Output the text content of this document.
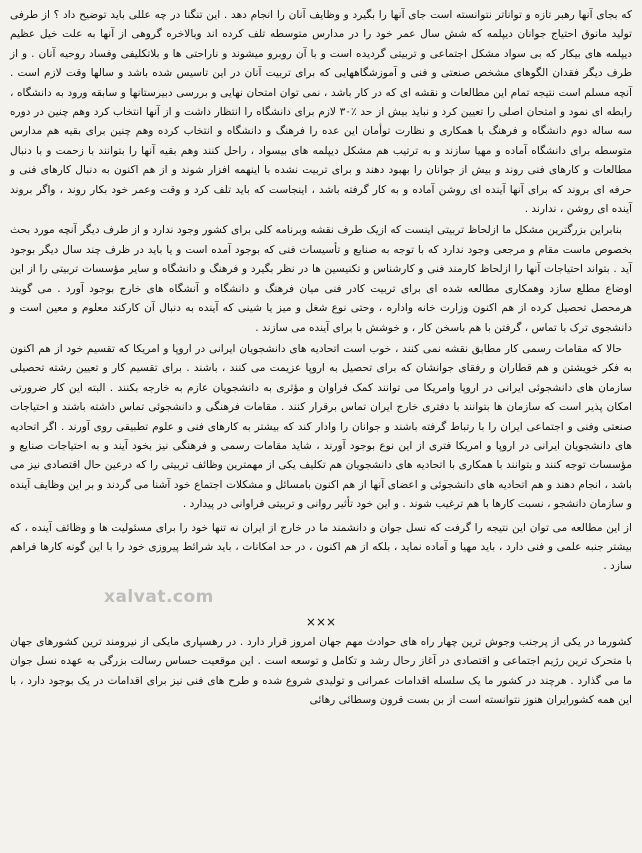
که بجای آنها رهبر تازه و تواناتر نتوانسته است جای آنها را بگیرد و وظایف آنان را انجام دهد . این تنگنا در چه عللی باید توضیح داد ؟ از طرفی تولید مانوق احتیاج جوانان دیپلمه که شش سال عمر خود را در مدارس متوسطه تلف کرده اند وبالاخره گروهی از آنها به علت خیل عظیم دیپلمه های بیکار که بی سواد مشکل اجتماعی و تربیتی گردیده است و با آن روبرو میشوند و ناراحتی ها و بلاتکلیفی وفساد روحیه آنان . و از طرف دیگر فقدان الگوهای مشخص صنعتی و فنی و آموزشگاههایی که برای تربیت آنان در این تاسیس شده باشد و سالها وقت لازم است . آنچه مسلم است نتیجه تمام این مطالعات و نقشه ای که در کار باشد ، نمی توان امتحان نهایی و بررسی دبیرستانها و سابقه ورود به دانشگاه ، رابطه ای نمود و امتحان اصلی را تعیین کرد و نباید بیش از حد ٪۳۰ لازم برای دانشگاه را انتظار داشت و از آنها انتخاب کرد وهم چنین در دوره سه ساله دوم دانشگاه و فرهنگ با همکاری و نظارت توأمان این عده را فرهنگ و دانشگاه و انتخاب کرده وهم چنین برای بقیه هم مدارس متوسطه برای دانشگاه آماده و مهیا سازند و به ترتیب هم مشکل دیپلمه های بیسواد ، راحل کنند وهم بقیه آنها را بتوانند با زحمت و با دنبال مطالعات و کارهای فنی روند و بیش از جوانان را بهبود دهند و برای تربیت نشده با اینهمه افزار شوند و از هم اکنون به دنبال کارهای فنی و حرفه ای بروند که برای آنها آینده ای روشن آماده و به کار گرفته باشد ، اینجاست که باید تلف کرد و وقت وعمر خود بکار روند ، واگر بروند آینده ای روشن ، ندارند .

بنابراین بزرگترین مشکل ما ازلحاظ تربیتی اینست که ازیک طرف نقشه وبرنامه کلی برای کشور وجود ندارد و از طرف دیگر آنچه مورد بحث بخصوص ماست مقام و مرجعی وجود ندارد که با توجه به صنایع و تأسیسات فنی که بوجود آمده است و یا باید در ظرف چند سال دیگر بوجود آید . بتواند احتیاجات آنها را ازلحاظ کارمند فنی و کارشناس و تکنیسین ها در نظر بگیرد و فرهنگ و دانشگاه و سایر مؤسسات تربیتی را از این اوضاع مطلع سازد وهمکاری مطالعه شده ای برای تربیت کادر فنی میان فرهنگ و دانشگاه و آنشگاه های خارج بوجود آورد . می گویند هرمحصل تحصیل کرده از هم اکنون وزارت خانه واداره ، وحتی نوع شغل و میز یا شینی که آینده به دنبال آن کارکند معلوم و معین است و دانشجوی ترک با تماس ، گرفتن با هم باسخن کار ، و خوشش با برای آینده می سازند .

حالا که مقامات رسمی کار مطابق نقشه نمی کنند ، خوب است اتحادیه های دانشجویان ایرانی در اروپا و امریکا که تقسیم خود از هم اکنون به فکر خویشتن و هم قطاران و رفقای جوانشان که برای تحصیل به اروپا عزیمت می کنند ، باشند . برای تقسیم کار و تعیین رشته تحصیلی سازمان های دانشجوئی ایرانی در اروپا وامریکا می توانند کمک فراوان و مؤثری به دانشجویان عازم به خارجه بکنند . البته این کار ضرورتی امکان پذیر است که سازمان ها بتوانند با دفتری خارج ایران تماس برقرار کنند . مقامات فرهنگی و دانشجوئی تماس داشته باشند و احتیاجات صنعتی وفنی و اجتماعی ایران را با رتباط گرفته باشند و جوانان را وادار کند که بیشتر به کارهای فنی و علوم تطبیقی روی آورند . اگر اتحادیه های دانشجویان ایرانی در اروپا و امریکا فتری از این نوع بوجود آورند ، شاید مقامات رسمی و فرهنگی نیز بخود آیند و به احتیاجات صنایع و مؤسسات توجه کنند و بتوانند با همکاری با اتحادیه های دانشجویان هم تکلیف یکی از مهمترین وظائف تربیتی را که درعین حال اقتصادی نیز می باشد ، انجام دهند و هم اتحادیه های دانشجوئی و اعضای آنها از هم اکنون بامسائل و مشکلات اجتماع خود آشنا می گردند و بر این وظایف آینده و سازمان دانشجو ، نسبت کارها با هم ترغیب شوند . و این خود تأثیر روانی و تربیتی فراوانی در پیدارد .

از این مطالعه می توان این نتیجه را گرفت که نسل جوان و دانشمند ما در خارج از ایران نه تنها خود را برای مسئولیت ها و وظائف آینده ، که بیشتر جنبه علمی و فنی دارد ، باید مهیا و آماده نماید ، بلکه از هم اکنون ، در حد امکانات ، باید شرائط پیروزی خود را با این گونه کارها فراهم سازد .

xalvat.com
×××

کشورما در یکی از پرجنب وجوش ترین چهار راه های حوادث مهم جهان امروز قرار دارد . در رهسپاری مایکی از نیرومند ترین کشورهای جهان با متحرک ترین رژیم اجتماعی و اقتصادی در آغاز رحال رشد و تکامل و توسعه است . این موقعیت حساس رسالت بزرگی به عهده نسل جوان ما می گذارد . هرچند در کشور ما یک سلسله اقدامات عمرانی و تولیدی شروع شده و طرح های فنی نیز برای اقدامات در یک بوجود دارد ، با این همه کشورایران هنوز نتوانسته است از بن بست قرون وسطائی رهائی
